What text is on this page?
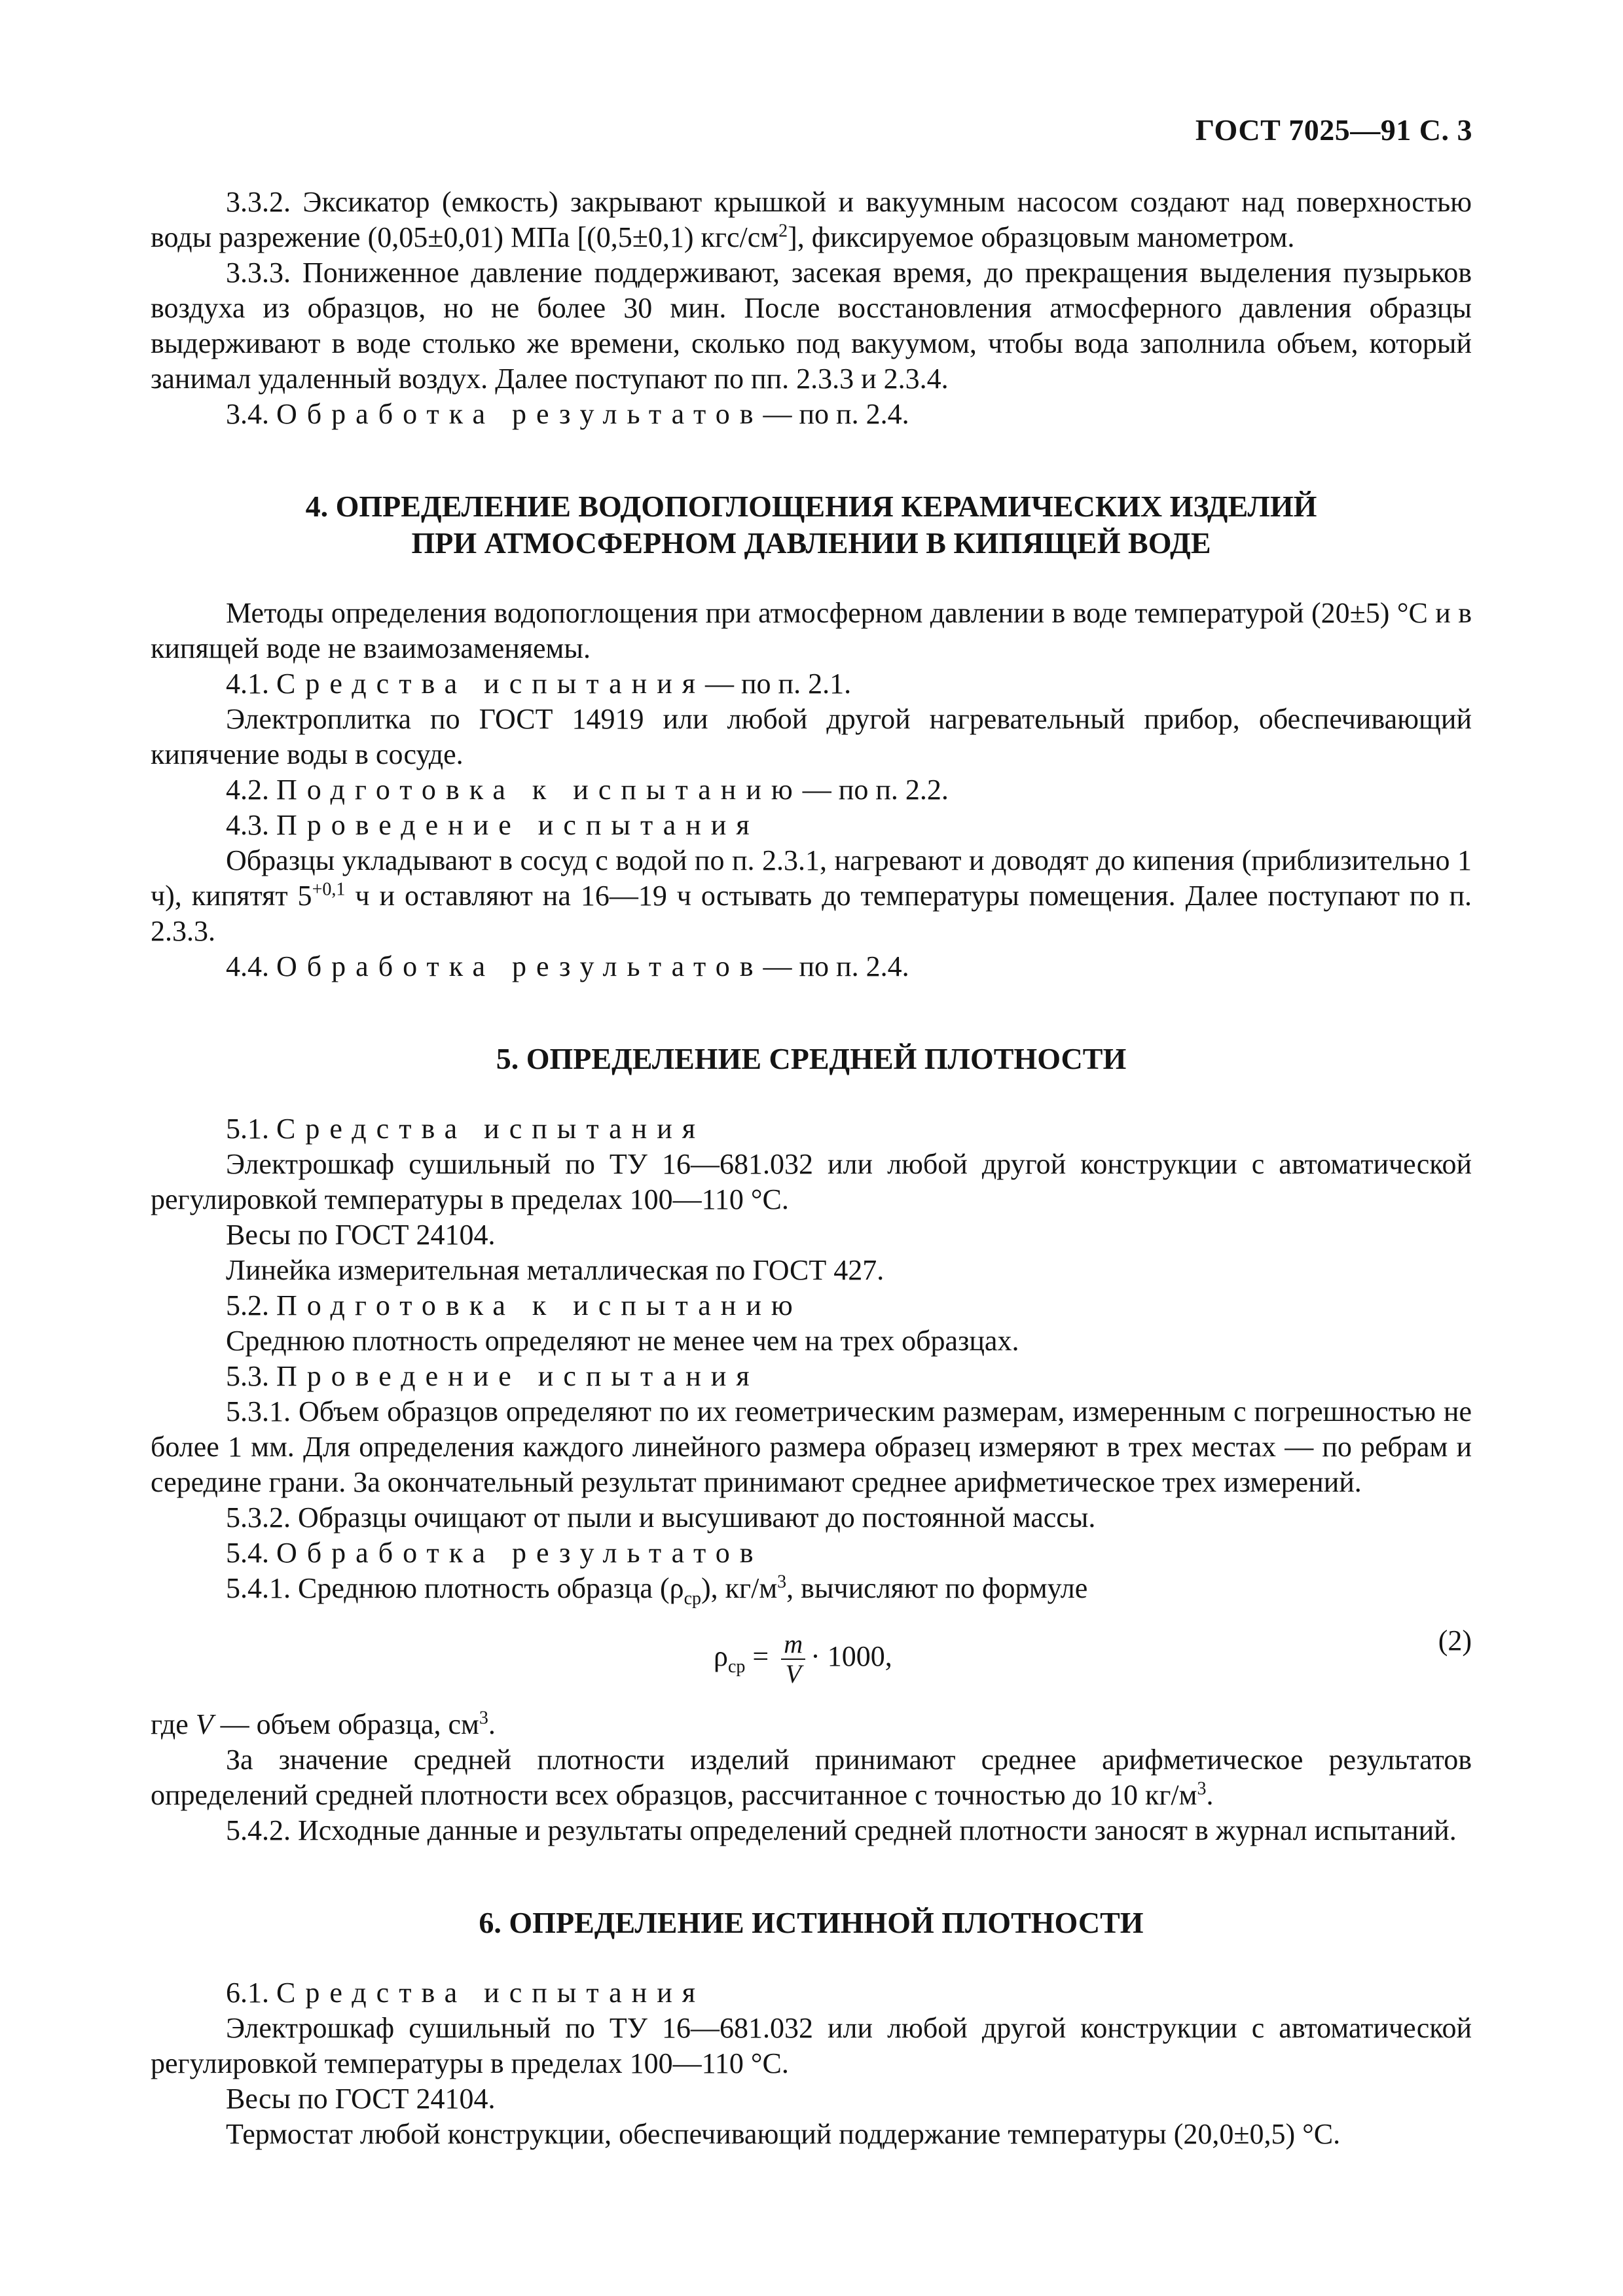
ГОСТ 7025—91 С. 3

3.3.2. Эксикатор (емкость) закрывают крышкой и вакуумным насосом создают над поверхностью воды разрежение (0,05±0,01) МПа [(0,5±0,1) кгс/$см^2$], фиксируемое образцовым манометром.

3.3.3. Пониженное давление поддерживают, засекая время, до прекращения выделения пузырьков воздуха из образцов, но не более 30 мин. После восстановления атмосферного давления образцы выдерживают в воде столько же времени, сколько под вакуумом, чтобы вода заполнила объем, который занимал удаленный воздух. Далее поступают по пп. 2.3.3 и 2.3.4.

3.4. Обработка результатов— по п. 2.4.

4. ОПРЕДЕЛЕНИЕ ВОДОПОГЛОЩЕНИЯ КЕРАМИЧЕСКИХ ИЗДЕЛИЙ
ПРИ АТМОСФЕРНОМ ДАВЛЕНИИ В КИПЯЩЕЙ ВОДЕ

Методы определения водопоглощения при атмосферном давлении в воде температурой (20±5) °С и в кипящей воде не взаимозаменяемы.

4.1. Средства испытания— по п. 2.1.

Электроплитка по ГОСТ 14919 или любой другой нагревательный прибор, обеспечивающий кипячение воды в сосуде.

4.2. Подготовка к испытанию— по п. 2.2.

4.3. Проведение испытания

Образцы укладывают в сосуд с водой по п. 2.3.1, нагревают и доводят до кипения (приблизительно 1 ч), кипятят $5^{+0,1}$ ч и оставляют на 16—19 ч остывать до температуры помещения. Далее поступают по п. 2.3.3.

4.4. Обработка результатов— по п. 2.4.

5. ОПРЕДЕЛЕНИЕ СРЕДНЕЙ ПЛОТНОСТИ

5.1. Средства испытания

Электрошкаф сушильный по ТУ 16—681.032 или любой другой конструкции с автоматической регулировкой температуры в пределах 100—110 °С.

Весы по ГОСТ 24104.

Линейка измерительная металлическая по ГОСТ 427.

5.2. Подготовка к испытанию

Среднюю плотность определяют не менее чем на трех образцах.

5.3. Проведение испытания

5.3.1. Объем образцов определяют по их геометрическим размерам, измеренным с погрешностью не более 1 мм. Для определения каждого линейного размера образец измеряют в трех местах — по ребрам и середине грани. За окончательный результат принимают среднее арифметическое трех измерений.

5.3.2. Образцы очищают от пыли и высушивают до постоянной массы.

5.4. Обработка результатов

5.4.1. Среднюю плотность образца $(\rho_{ср})$, $кг/м^3$, вычисляют по формуле

$\rho_{ср} = \frac{m}{V} \cdot 1000$,	(2)

где V — объем образца, $см^3$.

За значение средней плотности изделий принимают среднее арифметическое результатов определений средней плотности всех образцов, рассчитанное с точностью до 10 $кг/м^3$.

5.4.2. Исходные данные и результаты определений средней плотности заносят в журнал испытаний.

6. ОПРЕДЕЛЕНИЕ ИСТИННОЙ ПЛОТНОСТИ

6.1. Средства испытания

Электрошкаф сушильный по ТУ 16—681.032 или любой другой конструкции с автоматической регулировкой температуры в пределах 100—110 °С.

Весы по ГОСТ 24104.

Термостат любой конструкции, обеспечивающий поддержание температуры (20,0±0,5) °С.
